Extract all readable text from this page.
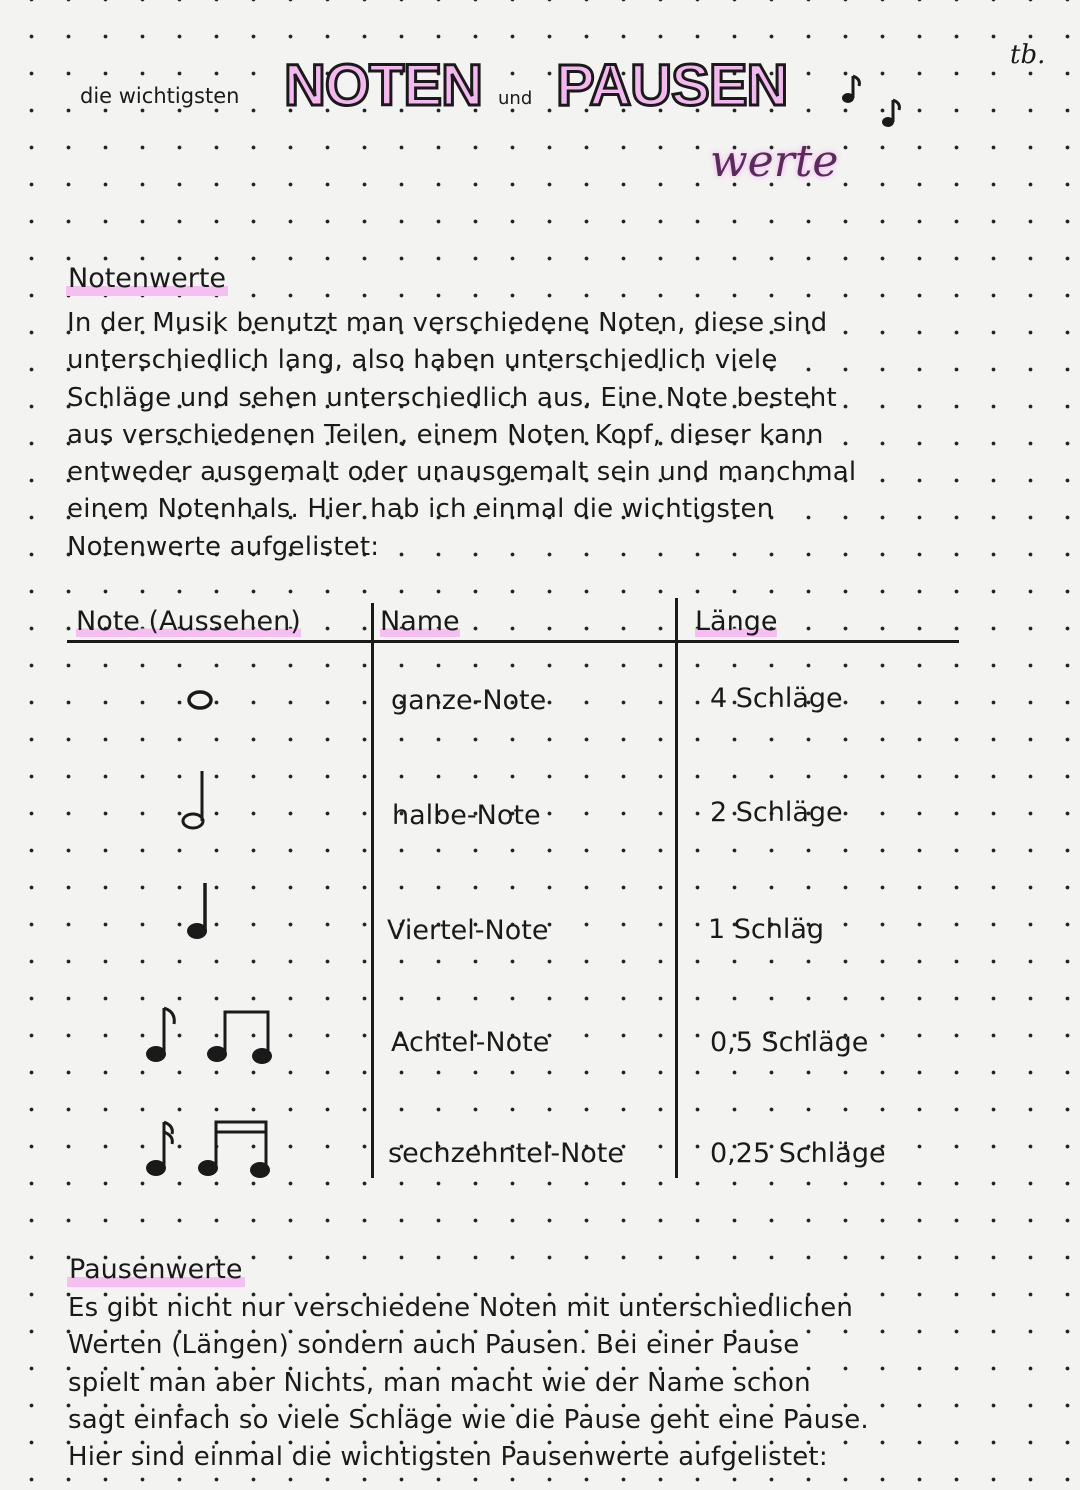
die wichtigsten NOTEN und PAUSEN
werte
tb.
Notenwerte
In der Musik benutzt man verschiedene Noten, diese sind
unterschiedlich lang, also haben unterschiedlich viele
Schläge und sehen unterschiedlich aus. Eine Note besteht
aus verschiedenen Teilen, einem Noten Kopf, dieser kann
entweder ausgemalt oder unausgemalt sein und manchmal
einem Notenhals. Hier hab ich einmal die wichtigsten
Notenwerte aufgelistet:
Note (Aussehen)	Name	Länge
ganze-Note	4 Schläge
halbe-Note	2 Schläge
Viertel-Note	1 Schläg
Achtel-Note	0,5 Schläge
sechzehntel-Note	0,25 Schläge
Pausenwerte
Es gibt nicht nur verschiedene Noten mit unterschiedlichen
Werten (Längen) sondern auch Pausen. Bei einer Pause
spielt man aber Nichts, man macht wie der Name schon
sagt einfach so viele Schläge wie die Pause geht eine Pause.
Hier sind einmal die wichtigsten Pausenwerte aufgelistet:
